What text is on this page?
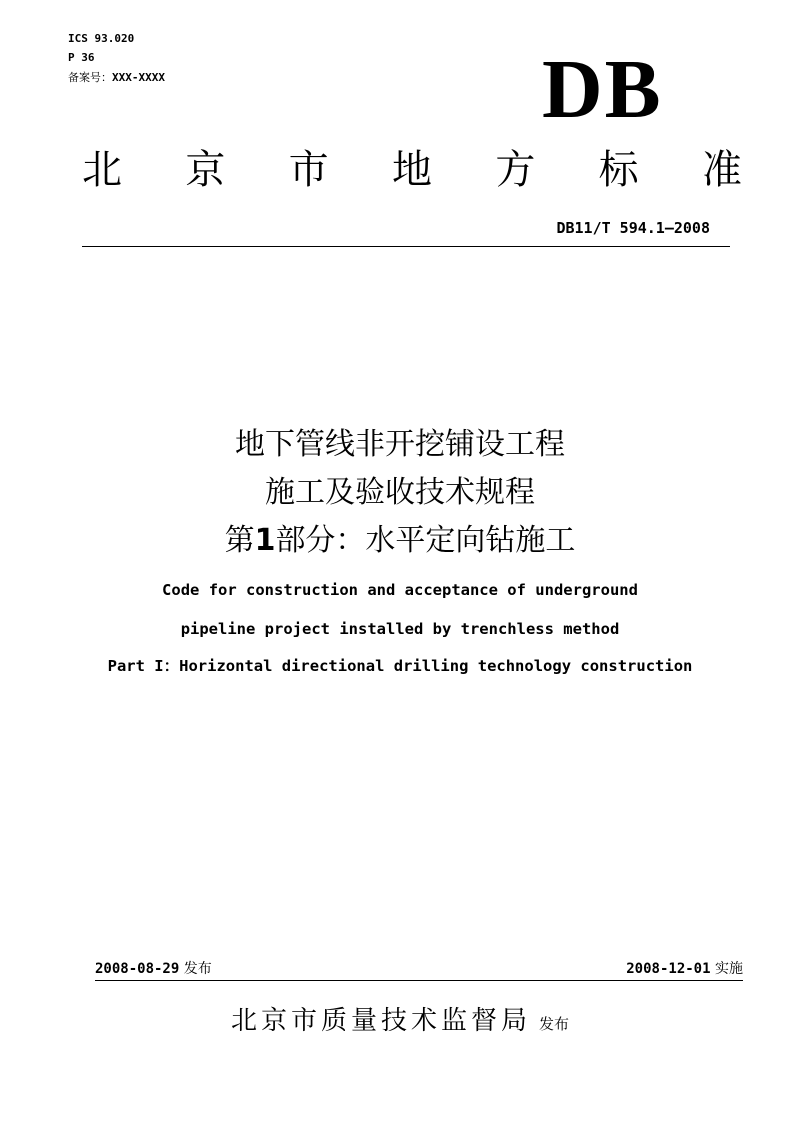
ICS 93.020
P 36
备案号：XXX-XXXX	DB
北 京 市 地 方 标 准
DB11/T 594.1—2008
地下管线非开挖铺设工程
施工及验收技术规程
第1部分：水平定向钻施工
Code for construction and acceptance of underground
pipeline project installed by trenchless method
Part I：Horizontal directional drilling technology construction
2008-08-29 发布	2008-12-01 实施
北京市质量技术监督局 发布
